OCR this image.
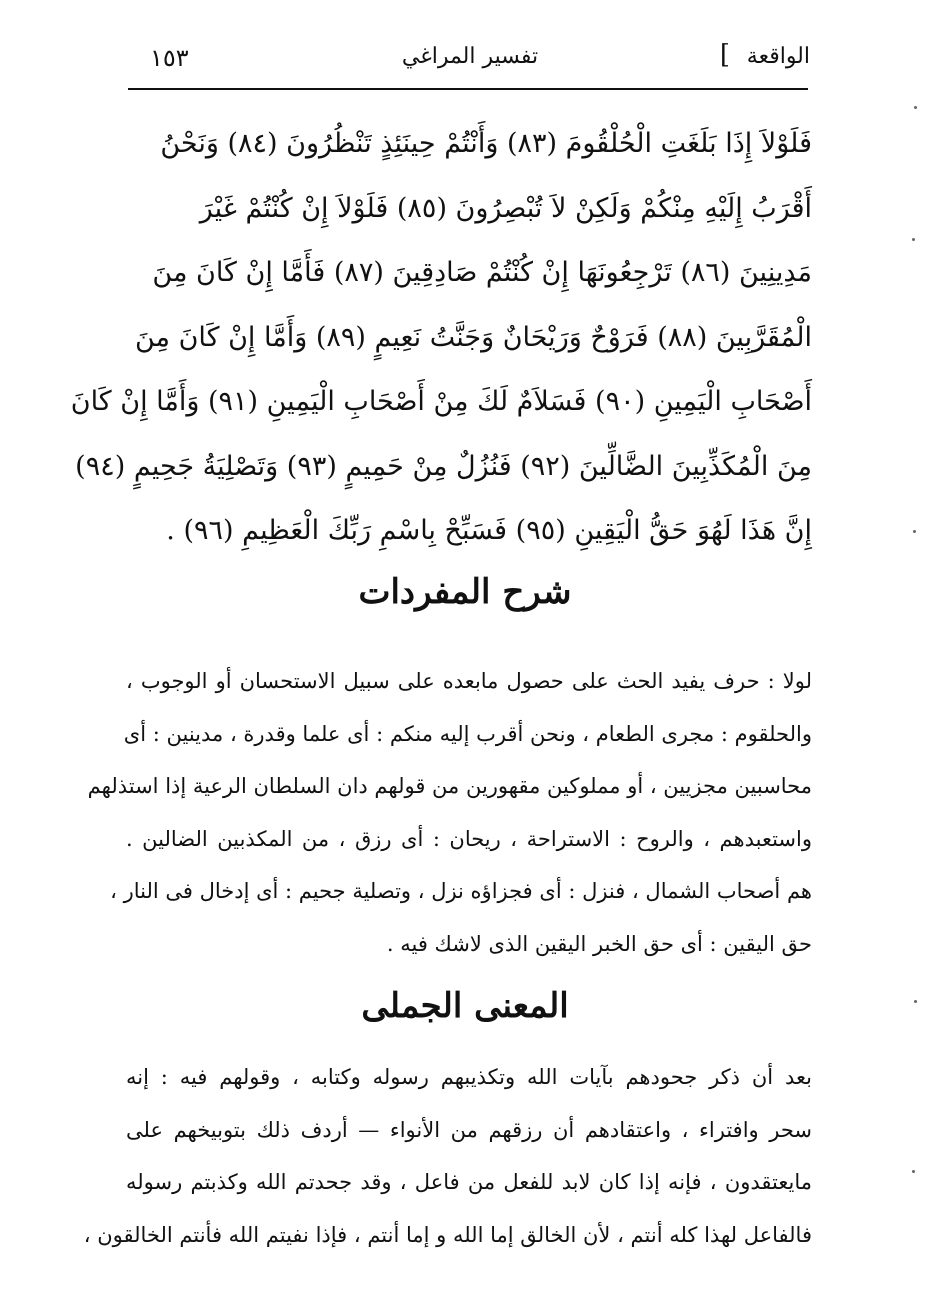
الواقعة
]
تفسير المراغي
١٥٣
فَلَوْلاَ إِذَا بَلَغَتِ الْحُلْقُومَ (٨٣) وَأَنْتُمْ حِينَئِذٍ تَنْظُرُونَ (٨٤) وَنَحْنُ
أَقْرَبُ إِلَيْهِ مِنْكُمْ وَلَكِنْ لاَ تُبْصِرُونَ (٨٥) فَلَوْلاَ إِنْ كُنْتُمْ غَيْرَ
مَدِينِينَ (٨٦) تَرْجِعُونَهَا إِنْ كُنْتُمْ صَادِقِينَ (٨٧) فَأَمَّا إِنْ كَانَ مِنَ
الْمُقَرَّبِينَ (٨٨) فَرَوْحٌ وَرَيْحَانٌ وَجَنَّتُ نَعِيمٍ (٨٩) وَأَمَّا إِنْ كَانَ مِنَ
أَصْحَابِ الْيَمِينِ (٩٠) فَسَلاَمٌ لَكَ مِنْ أَصْحَابِ الْيَمِينِ (٩١) وَأَمَّا إِنْ كَانَ
مِنَ الْمُكَذِّبِينَ الضَّالِّينَ (٩٢) فَنُزُلٌ مِنْ حَمِيمٍ (٩٣) وَتَصْلِيَةُ جَحِيمٍ (٩٤)
إِنَّ هَذَا لَهُوَ حَقُّ الْيَقِينِ (٩٥) فَسَبِّحْ بِاسْمِ رَبِّكَ الْعَظِيمِ (٩٦) .
شرح المفردات
لولا : حرف يفيد الحث على حصول مابعده على سبيل الاستحسان أو الوجوب ،
والحلقوم : مجرى الطعام ، ونحن أقرب إليه منكم : أى علما وقدرة ، مدينين : أى
محاسبين مجزيين ، أو مملوكين مقهورين من قولهم دان السلطان الرعية إذا استذلهم
واستعبدهم ، والروح : الاستراحة ، ريحان : أى رزق ، من المكذبين الضالين .
هم أصحاب الشمال ، فنزل : أى فجزاؤه نزل ، وتصلية جحيم : أى إدخال فى النار ،
حق اليقين : أى حق الخبر اليقين الذى لاشك فيه .
المعنى الجملى
بعد أن ذكر جحودهم بآيات الله وتكذيبهم رسوله وكتابه ، وقولهم فيه : إنه
سحر وافتراء ، واعتقادهم أن رزقهم من الأنواء — أردف ذلك بتوبيخهم على
مايعتقدون ، فإنه إذا كان لابد للفعل من فاعل ، وقد جحدتم الله وكذبتم رسوله
فالفاعل لهذا كله أنتم ، لأن الخالق إما الله و إما أنتم ، فإذا نفيتم الله فأنتم الخالقون ،
